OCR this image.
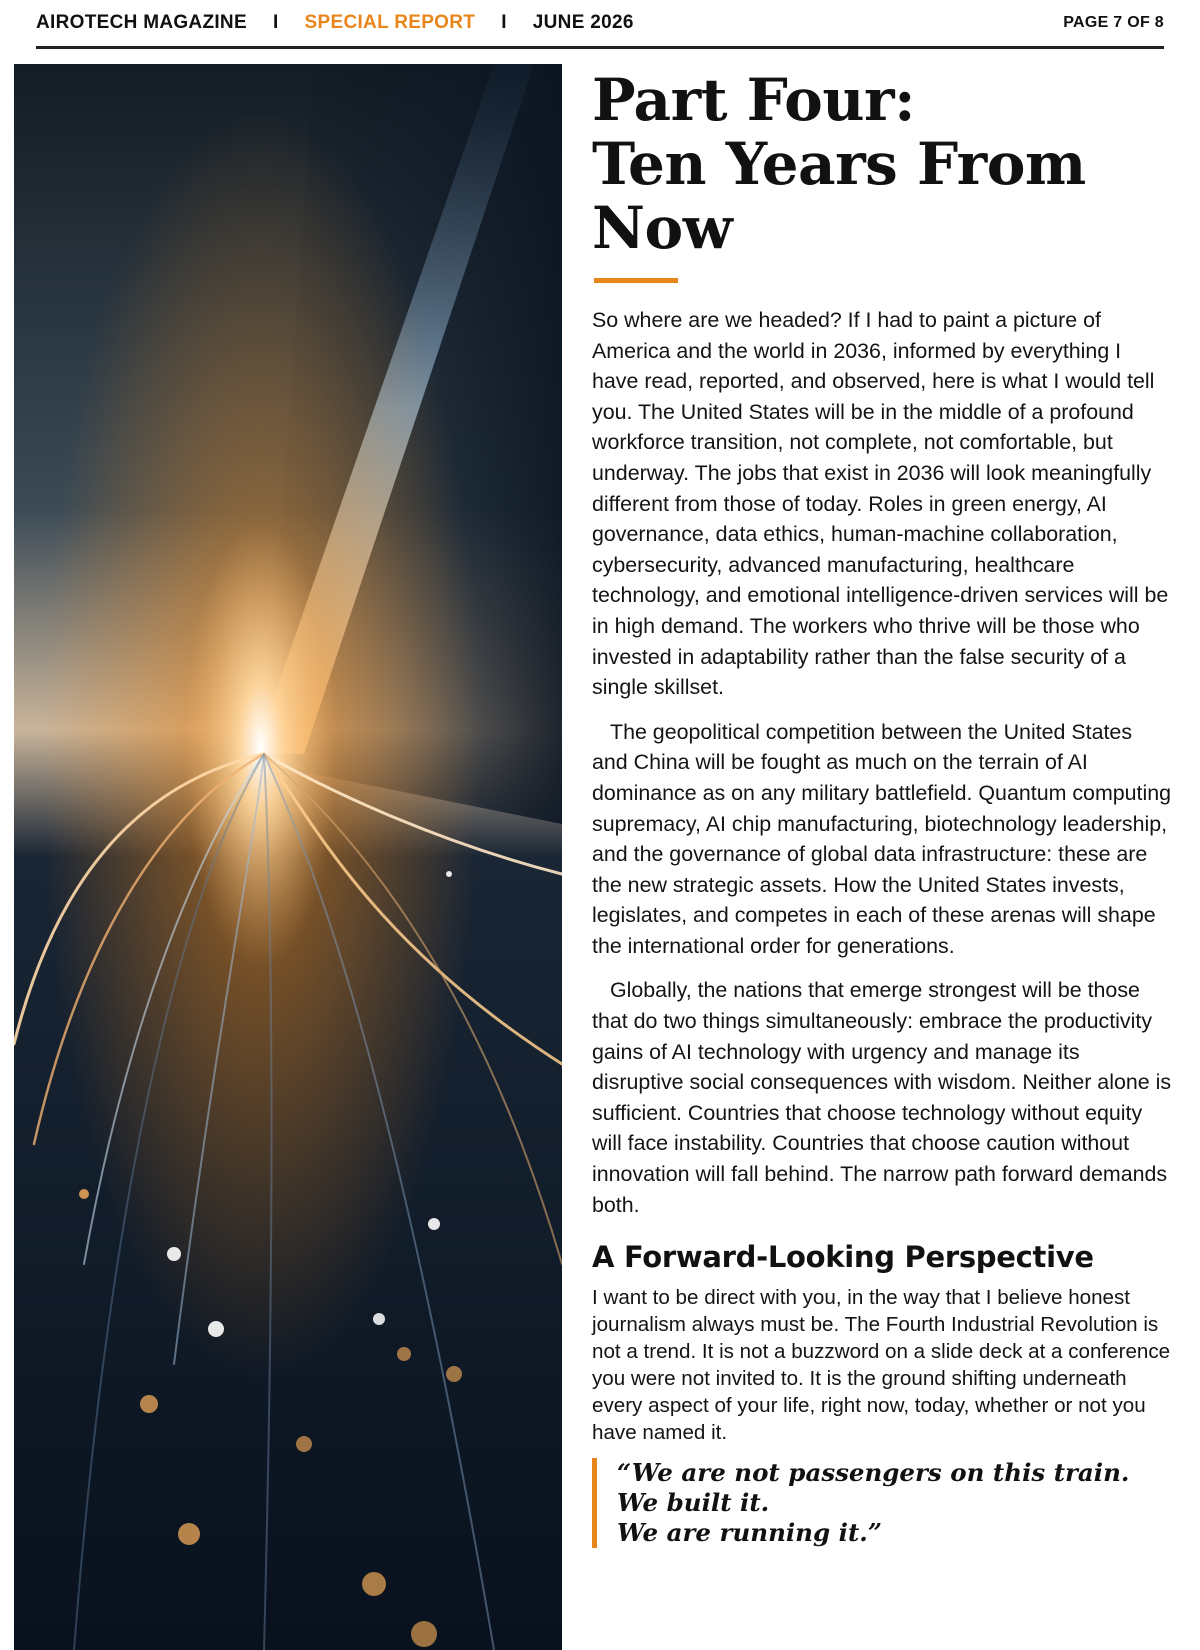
AIROTECH MAGAZINE I SPECIAL REPORT I JUNE 2026	PAGE 7 OF 8
Part Four:
Ten Years From Now

So where are we headed? If I had to paint a picture of America and the world in 2036, informed by everything I have read, reported, and observed, here is what I would tell you. The United States will be in the middle of a profound workforce transition, not complete, not comfortable, but underway. The jobs that exist in 2036 will look meaningfully different from those of today. Roles in green energy, AI governance, data ethics, human-machine collaboration, cybersecurity, advanced manufacturing, healthcare technology, and emotional intelligence-driven services will be in high demand. The workers who thrive will be those who invested in adaptability rather than the false security of a single skillset.

The geopolitical competition between the United States and China will be fought as much on the terrain of AI dominance as on any military battlefield. Quantum computing supremacy, AI chip manufacturing, biotechnology leadership, and the governance of global data infrastructure: these are the new strategic assets. How the United States invests, legislates, and competes in each of these arenas will shape the international order for generations.

Globally, the nations that emerge strongest will be those that do two things simultaneously: embrace the productivity gains of AI technology with urgency and manage its disruptive social consequences with wisdom. Neither alone is sufficient. Countries that choose technology without equity will face instability. Countries that choose caution without innovation will fall behind. The narrow path forward demands both.

A Forward-Looking Perspective

I want to be direct with you, in the way that I believe honest journalism always must be. The Fourth Industrial Revolution is not a trend. It is not a buzzword on a slide deck at a conference you were not invited to. It is the ground shifting underneath every aspect of your life, right now, today, whether or not you have named it.

“We are not passengers on this train.
We built it.
We are running it.”
